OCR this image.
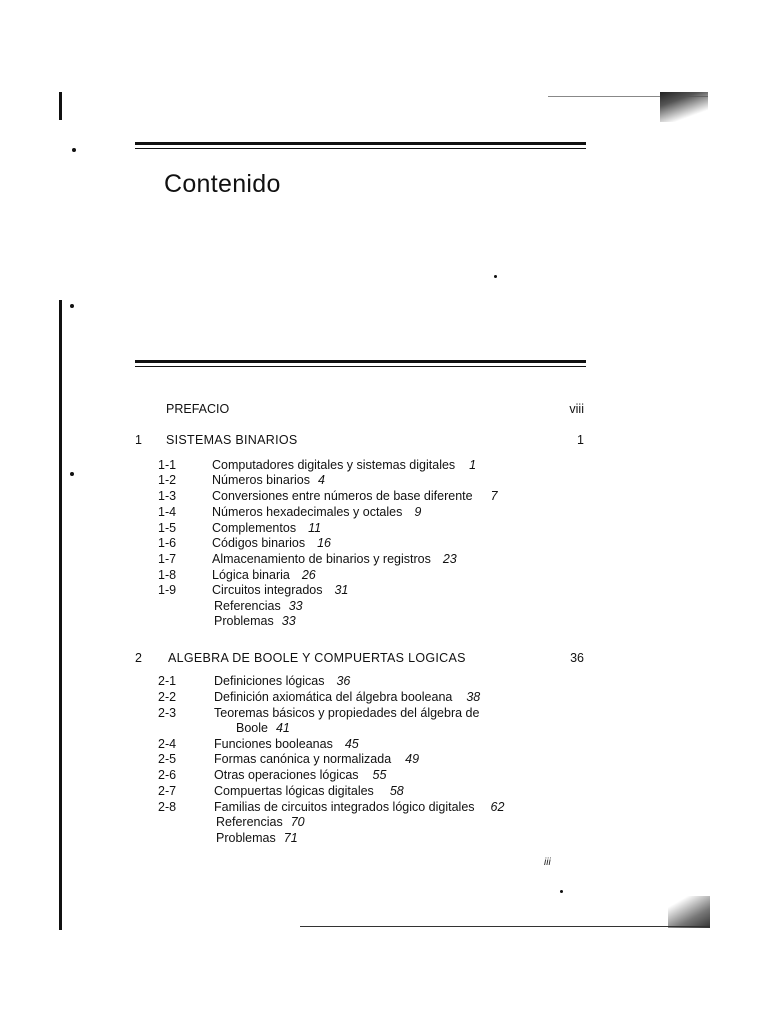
Contenido
PREFACIO	viii
1 SISTEMAS BINARIOS	1
1-1	Computadores digitales y sistemas digitales 1
1-2	Números binarios 4
1-3	Conversiones entre números de base diferente 7
1-4	Números hexadecimales y octales 9
1-5	Complementos 11
1-6	Códigos binarios 16
1-7	Almacenamiento de binarios y registros 23
1-8	Lógica binaria 26
1-9	Circuitos integrados 31
Referencias 33
Problemas 33
2 ALGEBRA DE BOOLE Y COMPUERTAS LOGICAS	36
2-1	Definiciones lógicas 36
2-2	Definición axiomática del álgebra booleana 38
2-3	Teoremas básicos y propiedades del álgebra de
Boole 41
2-4	Funciones booleanas 45
2-5	Formas canónica y normalizada 49
2-6	Otras operaciones lógicas 55
2-7	Compuertas lógicas digitales 58
2-8	Familias de circuitos integrados lógico digitales 62
Referencias 70
Problemas 71
iii
